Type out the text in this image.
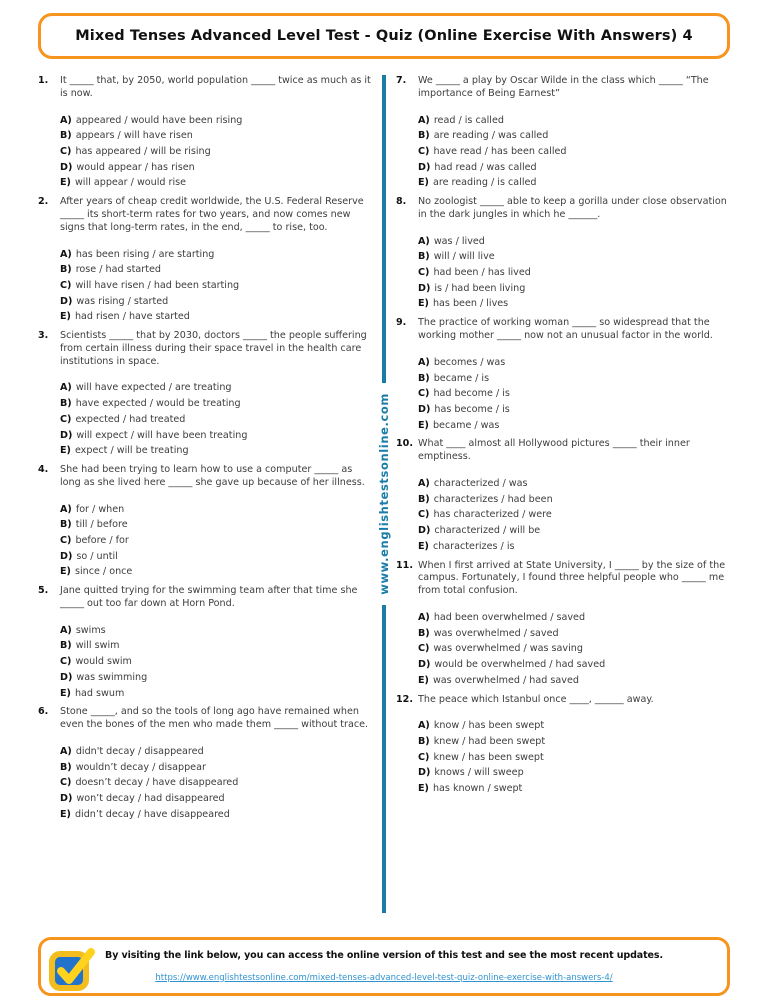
Mixed Tenses Advanced Level Test - Quiz (Online Exercise With Answers) 4
1.	It _____ that, by 2050, world population _____ twice as much as it is now.
A) appeared / would have been rising
B) appears / will have risen
C) has appeared / will be rising
D) would appear / has risen
E) will appear / would rise
2.	After years of cheap credit worldwide, the U.S. Federal Reserve _____ its short-term rates for two years, and now comes new signs that long-term rates, in the end, _____ to rise, too.
A) has been rising / are starting
B) rose / had started
C) will have risen / had been starting
D) was rising / started
E) had risen / have started
3.	Scientists _____ that by 2030, doctors _____ the people suffering from certain illness during their space travel in the health care institutions in space.
A) will have expected / are treating
B) have expected / would be treating
C) expected / had treated
D) will expect / will have been treating
E) expect / will be treating
4.	She had been trying to learn how to use a computer _____ as long as she lived here _____ she gave up because of her illness.
A) for / when
B) till / before
C) before / for
D) so / until
E) since / once
5.	Jane quitted trying for the swimming team after that time she _____ out too far down at Horn Pond.
A) swims
B) will swim
C) would swim
D) was swimming
E) had swum
6.	Stone _____, and so the tools of long ago have remained when even the bones of the men who made them _____ without trace.
A) didn't decay / disappeared
B) wouldn’t decay / disappear
C) doesn’t decay / have disappeared
D) won’t decay / had disappeared
E) didn’t decay / have disappeared
www.englishtestsonline.com
7.	We _____ a play by Oscar Wilde in the class which _____ “The importance of Being Earnest”
A) read / is called
B) are reading / was called
C) have read / has been called
D) had read / was called
E) are reading / is called
8.	No zoologist _____ able to keep a gorilla under close observation in the dark jungles in which he ______.
A) was / lived
B) will / will live
C) had been / has lived
D) is / had been living
E) has been / lives
9.	The practice of working woman _____ so widespread that the working mother _____ now not an unusual factor in the world.
A) becomes / was
B) became / is
C) had become / is
D) has become / is
E) became / was
10. What ____ almost all Hollywood pictures _____ their inner emptiness.
A) characterized / was
B) characterizes / had been
C) has characterized / were
D) characterized / will be
E) characterizes / is
11. When I first arrived at State University, I _____ by the size of the campus. Fortunately, I found three helpful people who _____ me from total confusion.
A) had been overwhelmed / saved
B) was overwhelmed / saved
C) was overwhelmed / was saving
D) would be overwhelmed / had saved
E) was overwhelmed / had saved
12. The peace which Istanbul once ____, ______ away.
A) know / has been swept
B) knew / had been swept
C) knew / has been swept
D) knows / will sweep
E) has known / swept
By visiting the link below, you can access the online version of this test and see the most recent updates.
https://www.englishtestsonline.com/mixed-tenses-advanced-level-test-quiz-online-exercise-with-answers-4/
